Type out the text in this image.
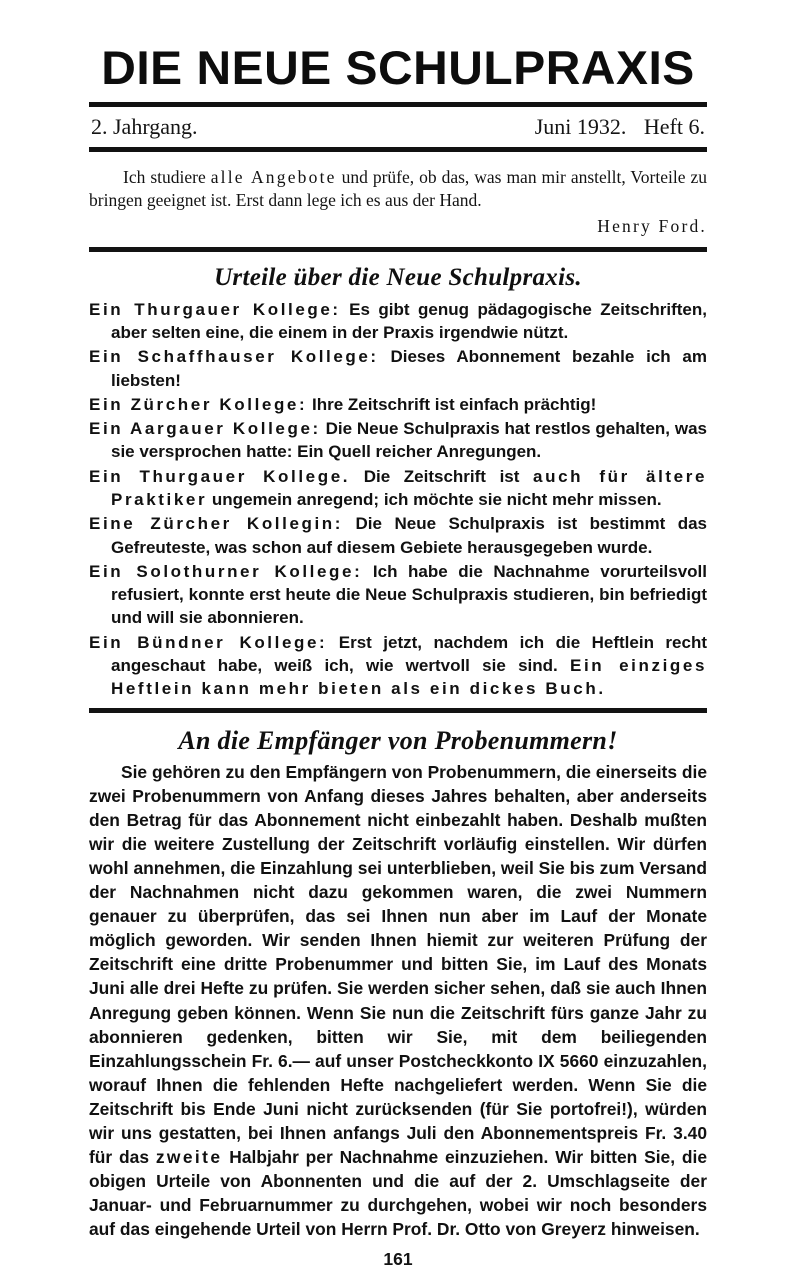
DIE NEUE SCHULPRAXIS
2. Jahrgang.	Juni 1932. Heft 6.

Ich studiere alle Angebote und prüfe, ob das, was man mir anstellt, Vorteile zu bringen geeignet ist. Erst dann lege ich es aus der Hand.
Henry Ford.

Urteile über die Neue Schulpraxis.

Ein Thurgauer Kollege: Es gibt genug pädagogische Zeitschriften, aber selten eine, die einem in der Praxis irgendwie nützt.

Ein Schaffhauser Kollege: Dieses Abonnement bezahle ich am liebsten!

Ein Zürcher Kollege: Ihre Zeitschrift ist einfach prächtig!

Ein Aargauer Kollege: Die Neue Schulpraxis hat restlos gehalten, was sie versprochen hatte: Ein Quell reicher Anregungen.

Ein Thurgauer Kollege. Die Zeitschrift ist auch für ältere Praktiker ungemein anregend; ich möchte sie nicht mehr missen.

Eine Zürcher Kollegin: Die Neue Schulpraxis ist bestimmt das Gefreuteste, was schon auf diesem Gebiete herausgegeben wurde.

Ein Solothurner Kollege: Ich habe die Nachnahme vorurteilsvoll refusiert, konnte erst heute die Neue Schulpraxis studieren, bin befriedigt und will sie abonnieren.

Ein Bündner Kollege: Erst jetzt, nachdem ich die Heftlein recht angeschaut habe, weiß ich, wie wertvoll sie sind. Ein einziges Heftlein kann mehr bieten als ein dickes Buch.

An die Empfänger von Probenummern!

Sie gehören zu den Empfängern von Probenummern, die einerseits die zwei Probenummern von Anfang dieses Jahres behalten, aber anderseits den Betrag für das Abonnement nicht einbezahlt haben. Deshalb mußten wir die weitere Zustellung der Zeitschrift vorläufig einstellen. Wir dürfen wohl annehmen, die Einzahlung sei unterblieben, weil Sie bis zum Versand der Nachnahmen nicht dazu gekommen waren, die zwei Nummern genauer zu überprüfen, das sei Ihnen nun aber im Lauf der Monate möglich geworden. Wir senden Ihnen hiemit zur weiteren Prüfung der Zeitschrift eine dritte Probenummer und bitten Sie, im Lauf des Monats Juni alle drei Hefte zu prüfen. Sie werden sicher sehen, daß sie auch Ihnen Anregung geben können. Wenn Sie nun die Zeitschrift fürs ganze Jahr zu abonnieren gedenken, bitten wir Sie, mit dem beiliegenden Einzahlungsschein Fr. 6.— auf unser Postcheckkonto IX 5660 einzuzahlen, worauf Ihnen die fehlenden Hefte nachgeliefert werden. Wenn Sie die Zeitschrift bis Ende Juni nicht zurücksenden (für Sie portofrei!), würden wir uns gestatten, bei Ihnen anfangs Juli den Abonnementspreis Fr. 3.40 für das zweite Halbjahr per Nachnahme einzuziehen. Wir bitten Sie, die obigen Urteile von Abonnenten und die auf der 2. Umschlagseite der Januar- und Februarnummer zu durchgehen, wobei wir noch besonders auf das eingehende Urteil von Herrn Prof. Dr. Otto von Greyerz hinweisen.

161
